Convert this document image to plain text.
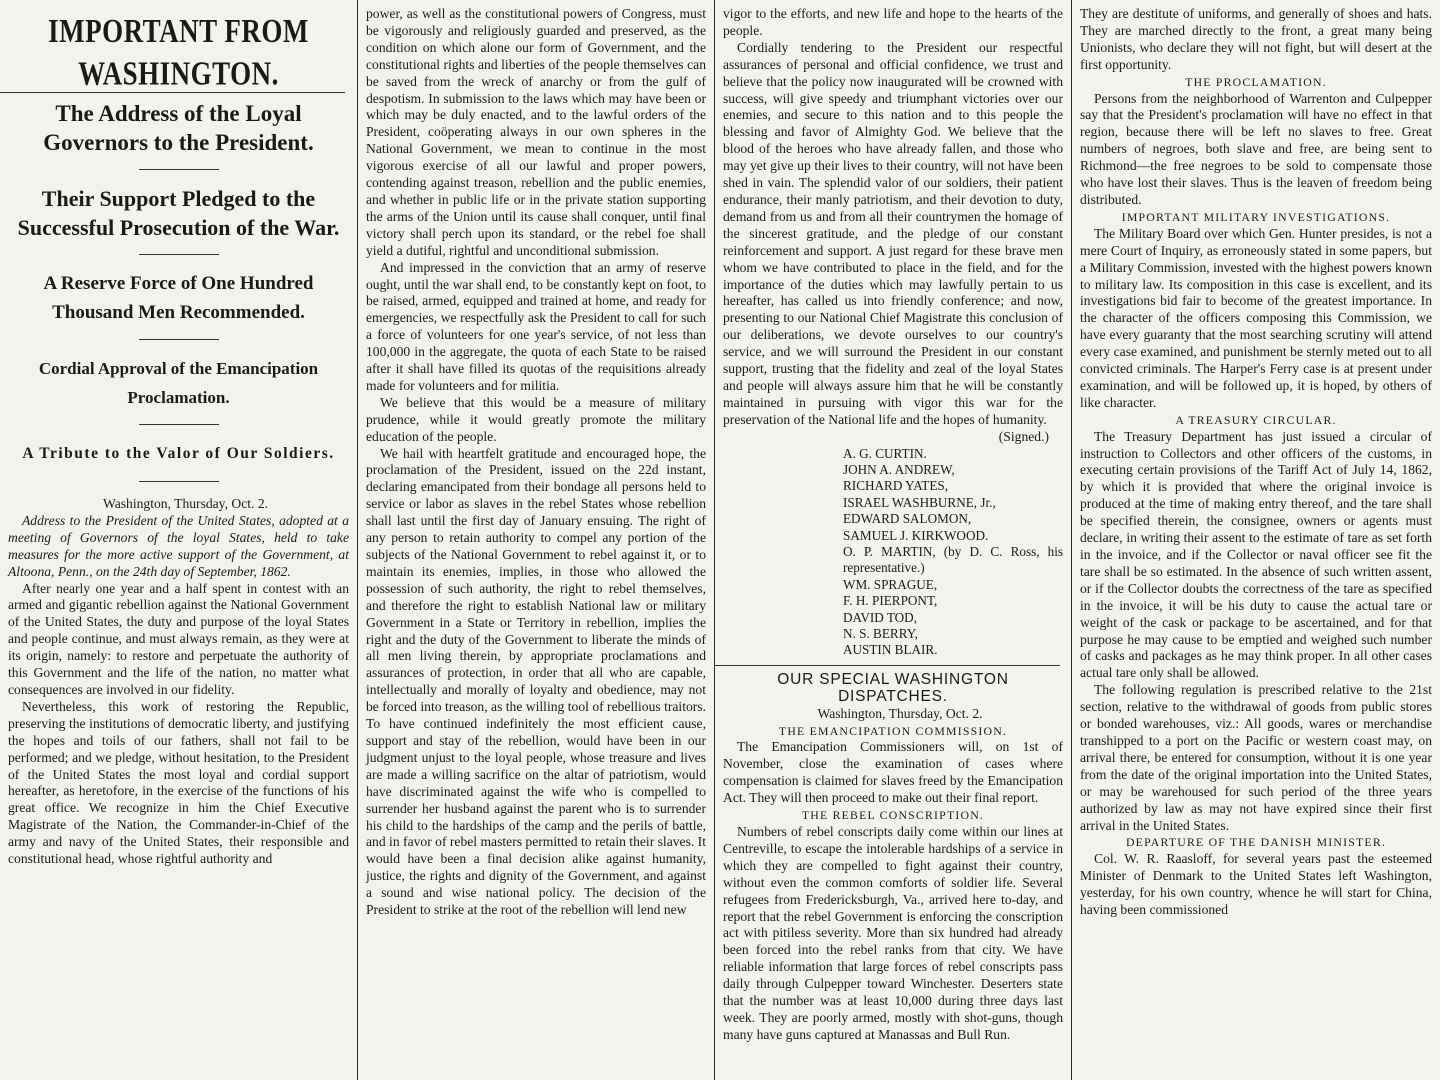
IMPORTANT FROM WASHINGTON.
The Address of the Loyal Governors to the President.
Their Support Pledged to the Successful Prosecution of the War.
A Reserve Force of One Hundred Thousand Men Recommended.
Cordial Approval of the Emancipation Proclamation.
A Tribute to the Valor of Our Soldiers.

Washington, Thursday, Oct. 2.

Address to the President of the United States, adopted at a meeting of Governors of the loyal States, held to take measures for the more active support of the Government, at Altoona, Penn., on the 24th day of September, 1862.

After nearly one year and a half spent in contest with an armed and gigantic rebellion against the National Government of the United States, the duty and purpose of the loyal States and people continue, and must always remain, as they were at its origin, namely: to restore and perpetuate the authority of this Government and the life of the nation, no matter what consequences are involved in our fidelity.

Nevertheless, this work of restoring the Republic, preserving the institutions of democratic liberty, and justifying the hopes and toils of our fathers, shall not fail to be performed; and we pledge, without hesitation, to the President of the United States the most loyal and cordial support hereafter, as heretofore, in the exercise of the functions of his great office. We recognize in him the Chief Executive Magistrate of the Nation, the Commander-in-Chief of the army and navy of the United States, their responsible and constitutional head, whose rightful authority and

power, as well as the constitutional powers of Congress, must be vigorously and religiously guarded and preserved, as the condition on which alone our form of Government, and the constitutional rights and liberties of the people themselves can be saved from the wreck of anarchy or from the gulf of despotism. In submission to the laws which may have been or which may be duly enacted, and to the lawful orders of the President, coöperating always in our own spheres in the National Government, we mean to continue in the most vigorous exercise of all our lawful and proper powers, contending against treason, rebellion and the public enemies, and whether in public life or in the private station supporting the arms of the Union until its cause shall conquer, until final victory shall perch upon its standard, or the rebel foe shall yield a dutiful, rightful and unconditional submission.

And impressed in the conviction that an army of reserve ought, until the war shall end, to be constantly kept on foot, to be raised, armed, equipped and trained at home, and ready for emergencies, we respectfully ask the President to call for such a force of volunteers for one year's service, of not less than 100,000 in the aggregate, the quota of each State to be raised after it shall have filled its quotas of the requisitions already made for volunteers and for militia.

We believe that this would be a measure of military prudence, while it would greatly promote the military education of the people.

We hail with heartfelt gratitude and encouraged hope, the proclamation of the President, issued on the 22d instant, declaring emancipated from their bondage all persons held to service or labor as slaves in the rebel States whose rebellion shall last until the first day of January ensuing. The right of any person to retain authority to compel any portion of the subjects of the National Government to rebel against it, or to maintain its enemies, implies, in those who allowed the possession of such authority, the right to rebel themselves, and therefore the right to establish National law or military Government in a State or Territory in rebellion, implies the right and the duty of the Government to liberate the minds of all men living therein, by appropriate proclamations and assurances of protection, in order that all who are capable, intellectually and morally of loyalty and obedience, may not be forced into treason, as the willing tool of rebellious traitors. To have continued indefinitely the most efficient cause, support and stay of the rebellion, would have been in our judgment unjust to the loyal people, whose treasure and lives are made a willing sacrifice on the altar of patriotism, would have discriminated against the wife who is compelled to surrender her husband against the parent who is to surrender his child to the hardships of the camp and the perils of battle, and in favor of rebel masters permitted to retain their slaves. It would have been a final decision alike against humanity, justice, the rights and dignity of the Government, and against a sound and wise national policy. The decision of the President to strike at the root of the rebellion will lend new

vigor to the efforts, and new life and hope to the hearts of the people.

Cordially tendering to the President our respectful assurances of personal and official confidence, we trust and believe that the policy now inaugurated will be crowned with success, will give speedy and triumphant victories over our enemies, and secure to this nation and to this people the blessing and favor of Almighty God. We believe that the blood of the heroes who have already fallen, and those who may yet give up their lives to their country, will not have been shed in vain. The splendid valor of our soldiers, their patient endurance, their manly patriotism, and their devotion to duty, demand from us and from all their countrymen the homage of the sincerest gratitude, and the pledge of our constant reinforcement and support. A just regard for these brave men whom we have contributed to place in the field, and for the importance of the duties which may lawfully pertain to us hereafter, has called us into friendly conference; and now, presenting to our National Chief Magistrate this conclusion of our deliberations, we devote ourselves to our country's service, and we will surround the President in our constant support, trusting that the fidelity and zeal of the loyal States and people will always assure him that he will be constantly maintained in pursuing with vigor this war for the preservation of the National life and the hopes of humanity.

(Signed.)

A. G. CURTIN.

JOHN A. ANDREW,

RICHARD YATES,

ISRAEL WASHBURNE, Jr.,

EDWARD SALOMON,

SAMUEL J. KIRKWOOD.

O. P. MARTIN, (by D. C. Ross, his representative.)

WM. SPRAGUE,

F. H. PIERPONT,

DAVID TOD,

N. S. BERRY,

AUSTIN BLAIR.

OUR SPECIAL WASHINGTON DISPATCHES.

Washington, Thursday, Oct. 2.

THE EMANCIPATION COMMISSION.

The Emancipation Commissioners will, on 1st of November, close the examination of cases where compensation is claimed for slaves freed by the Emancipation Act. They will then proceed to make out their final report.

THE REBEL CONSCRIPTION.

Numbers of rebel conscripts daily come within our lines at Centreville, to escape the intolerable hardships of a service in which they are compelled to fight against their country, without even the common comforts of soldier life. Several refugees from Fredericksburgh, Va., arrived here to-day, and report that the rebel Government is enforcing the conscription act with pitiless severity. More than six hundred had already been forced into the rebel ranks from that city. We have reliable information that large forces of rebel conscripts pass daily through Culpepper toward Winchester. Deserters state that the number was at least 10,000 during three days last week. They are poorly armed, mostly with shot-guns, though many have guns captured at Manassas and Bull Run.

They are destitute of uniforms, and generally of shoes and hats. They are marched directly to the front, a great many being Unionists, who declare they will not fight, but will desert at the first opportunity.

THE PROCLAMATION.

Persons from the neighborhood of Warrenton and Culpepper say that the President's proclamation will have no effect in that region, because there will be left no slaves to free. Great numbers of negroes, both slave and free, are being sent to Richmond—the free negroes to be sold to compensate those who have lost their slaves. Thus is the leaven of freedom being distributed.

IMPORTANT MILITARY INVESTIGATIONS.

The Military Board over which Gen. Hunter presides, is not a mere Court of Inquiry, as erroneously stated in some papers, but a Military Commission, invested with the highest powers known to military law. Its composition in this case is excellent, and its investigations bid fair to become of the greatest importance. In the character of the officers composing this Commission, we have every guaranty that the most searching scrutiny will attend every case examined, and punishment be sternly meted out to all convicted criminals. The Harper's Ferry case is at present under examination, and will be followed up, it is hoped, by others of like character.

A TREASURY CIRCULAR.

The Treasury Department has just issued a circular of instruction to Collectors and other officers of the customs, in executing certain provisions of the Tariff Act of July 14, 1862, by which it is provided that where the original invoice is produced at the time of making entry thereof, and the tare shall be specified therein, the consignee, owners or agents must declare, in writing their assent to the estimate of tare as set forth in the invoice, and if the Collector or naval officer see fit the tare shall be so estimated. In the absence of such written assent, or if the Collector doubts the correctness of the tare as specified in the invoice, it will be his duty to cause the actual tare or weight of the cask or package to be ascertained, and for that purpose he may cause to be emptied and weighed such number of casks and packages as he may think proper. In all other cases actual tare only shall be allowed.

The following regulation is prescribed relative to the 21st section, relative to the withdrawal of goods from public stores or bonded warehouses, viz.: All goods, wares or merchandise transhipped to a port on the Pacific or western coast may, on arrival there, be entered for consumption, without it is one year from the date of the original importation into the United States, or may be warehoused for such period of the three years authorized by law as may not have expired since their first arrival in the United States.

DEPARTURE OF THE DANISH MINISTER.

Col. W. R. Raasloff, for several years past the esteemed Minister of Denmark to the United States left Washington, yesterday, for his own country, whence he will start for China, having been commissioned
